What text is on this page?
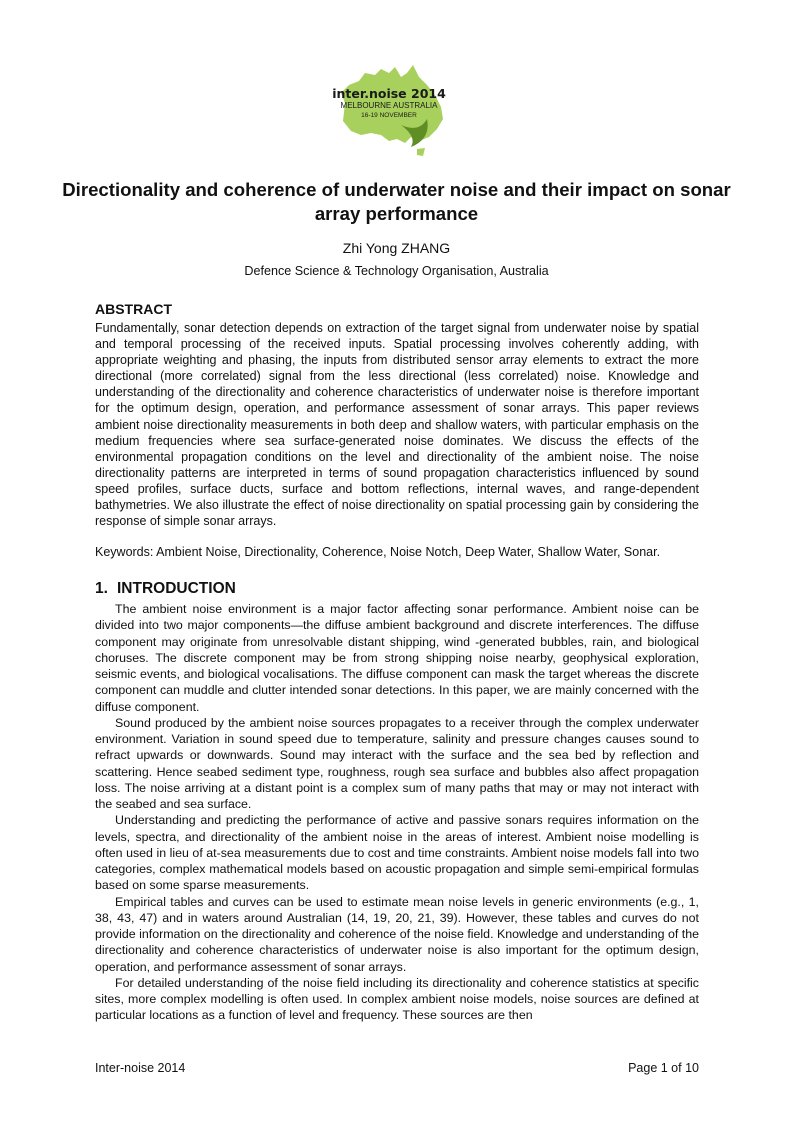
inter.noise 2014
MELBOURNE AUSTRALIA
16-19 NOVEMBER
Directionality and coherence of underwater noise and their impact on sonar array performance
Zhi Yong ZHANG
Defence Science & Technology Organisation, Australia
ABSTRACT

Fundamentally, sonar detection depends on extraction of the target signal from underwater noise by spatial and temporal processing of the received inputs. Spatial processing involves coherently adding, with appropriate weighting and phasing, the inputs from distributed sensor array elements to extract the more directional (more correlated) signal from the less directional (less correlated) noise. Knowledge and understanding of the directionality and coherence characteristics of underwater noise is therefore important for the optimum design, operation, and performance assessment of sonar arrays. This paper reviews ambient noise directionality measurements in both deep and shallow waters, with particular emphasis on the medium frequencies where sea surface-generated noise dominates. We discuss the effects of the environmental propagation conditions on the level and directionality of the ambient noise. The noise directionality patterns are interpreted in terms of sound propagation characteristics influenced by sound speed profiles, surface ducts, surface and bottom reflections, internal waves, and range-dependent bathymetries. We also illustrate the effect of noise directionality on spatial processing gain by considering the response of simple sonar arrays.

Keywords: Ambient Noise, Directionality, Coherence, Noise Notch, Deep Water, Shallow Water, Sonar.

1. INTRODUCTION

The ambient noise environment is a major factor affecting sonar performance. Ambient noise can be divided into two major components—the diffuse ambient background and discrete interferences. The diffuse component may originate from unresolvable distant shipping, wind -generated bubbles, rain, and biological choruses. The discrete component may be from strong shipping noise nearby, geophysical exploration, seismic events, and biological vocalisations. The diffuse component can mask the target whereas the discrete component can muddle and clutter intended sonar detections. In this paper, we are mainly concerned with the diffuse component.

Sound produced by the ambient noise sources propagates to a receiver through the complex underwater environment. Variation in sound speed due to temperature, salinity and pressure changes causes sound to refract upwards or downwards. Sound may interact with the surface and the sea bed by reflection and scattering. Hence seabed sediment type, roughness, rough sea surface and bubbles also affect propagation loss. The noise arriving at a distant point is a complex sum of many paths that may or may not interact with the seabed and sea surface.

Understanding and predicting the performance of active and passive sonars requires information on the levels, spectra, and directionality of the ambient noise in the areas of interest. Ambient noise modelling is often used in lieu of at-sea measurements due to cost and time constraints. Ambient noise models fall into two categories, complex mathematical models based on acoustic propagation and simple semi-empirical formulas based on some sparse measurements.

Empirical tables and curves can be used to estimate mean noise levels in generic environments (e.g., 1, 38, 43, 47) and in waters around Australian (14, 19, 20, 21, 39). However, these tables and curves do not provide information on the directionality and coherence of the noise field. Knowledge and understanding of the directionality and coherence characteristics of underwater noise is also important for the optimum design, operation, and performance assessment of sonar arrays.

For detailed understanding of the noise field including its directionality and coherence statistics at specific sites, more complex modelling is often used. In complex ambient noise models, noise sources are defined at particular locations as a function of level and frequency. These sources are then

Inter-noise 2014	Page 1 of 10
